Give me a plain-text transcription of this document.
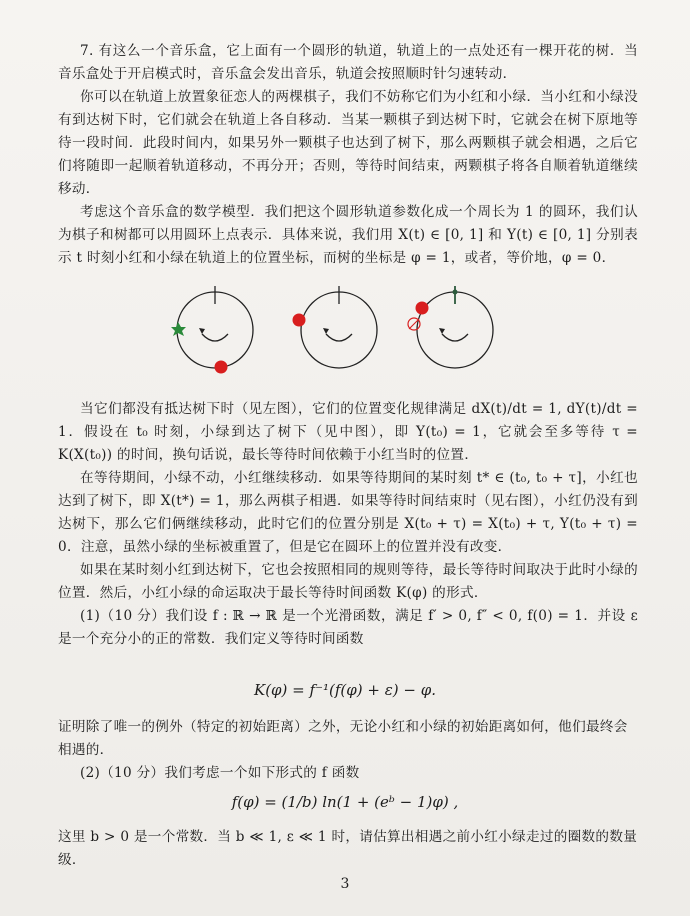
7. 有这么一个音乐盒，它上面有一个圆形的轨道，轨道上的一点处还有一棵开花的树．当音乐盒处于开启模式时，音乐盒会发出音乐，轨道会按照顺时针匀速转动．

你可以在轨道上放置象征恋人的两棵棋子，我们不妨称它们为小红和小绿．当小红和小绿没有到达树下时，它们就会在轨道上各自移动．当某一颗棋子到达树下时，它就会在树下原地等待一段时间．此段时间内，如果另外一颗棋子也达到了树下，那么两颗棋子就会相遇，之后它们将随即一起顺着轨道移动，不再分开；否则，等待时间结束，两颗棋子将各自顺着轨道继续移动．

考虑这个音乐盒的数学模型．我们把这个圆形轨道参数化成一个周长为 1 的圆环，我们认为棋子和树都可以用圆环上点表示．具体来说，我们用 X(t) ∈ [0, 1] 和 Y(t) ∈ [0, 1] 分别表示 t 时刻小红和小绿在轨道上的位置坐标，而树的坐标是 φ = 1，或者，等价地，φ = 0．

当它们都没有抵达树下时（见左图），它们的位置变化规律满足 dX(t)/dt = 1, dY(t)/dt = 1．假设在 t₀ 时刻，小绿到达了树下（见中图），即 Y(t₀) = 1，它就会至多等待 τ = K(X(t₀)) 的时间，换句话说，最长等待时间依赖于小红当时的位置．

在等待期间，小绿不动，小红继续移动．如果等待期间的某时刻 t* ∈ (t₀, t₀ + τ]，小红也达到了树下，即 X(t*) = 1，那么两棋子相遇．如果等待时间结束时（见右图），小红仍没有到达树下，那么它们俩继续移动，此时它们的位置分别是 X(t₀ + τ) = X(t₀) + τ, Y(t₀ + τ) = 0．注意，虽然小绿的坐标被重置了，但是它在圆环上的位置并没有改变．

如果在某时刻小红到达树下，它也会按照相同的规则等待，最长等待时间取决于此时小绿的位置．然后，小红小绿的命运取决于最长等待时间函数 K(φ) 的形式．

(1)（10 分）我们设 f : ℝ → ℝ 是一个光滑函数，满足 f′ > 0, f″ < 0, f(0) = 1．并设 ε 是一个充分小的正的常数．我们定义等待时间函数

K(φ) = f⁻¹(f(φ) + ε) − φ.

证明除了唯一的例外（特定的初始距离）之外，无论小红和小绿的初始距离如何，他们最终会相遇的．

(2)（10 分）我们考虑一个如下形式的 f 函数

f(φ) = (1/b) ln(1 + (eᵇ − 1)φ) ,

这里 b > 0 是一个常数．当 b ≪ 1, ε ≪ 1 时，请估算出相遇之前小红小绿走过的圈数的数量级．

3
